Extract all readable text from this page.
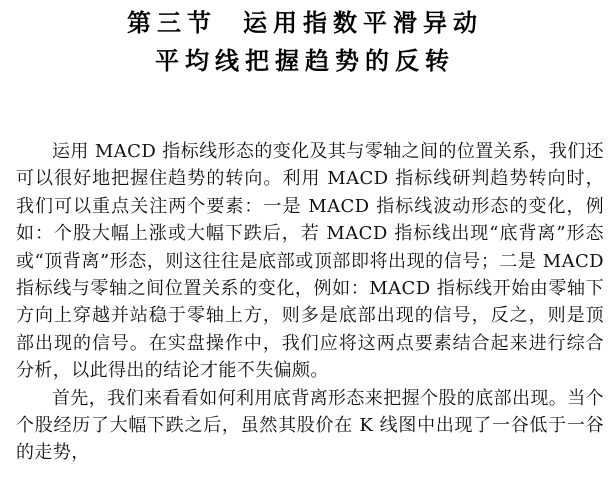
第三节 运用指数平滑异动
平均线把握趋势的反转

运用 MACD 指标线形态的变化及其与零轴之间的位置关系，我们还可以很好地把握住趋势的转向。利用 MACD 指标线研判趋势转向时，我们可以重点关注两个要素：一是 MACD 指标线波动形态的变化，例如：个股大幅上涨或大幅下跌后，若 MACD 指标线出现“底背离”形态或“顶背离”形态，则这往往是底部或顶部即将出现的信号；二是 MACD 指标线与零轴之间位置关系的变化，例如：MACD 指标线开始由零轴下方向上穿越并站稳于零轴上方，则多是底部出现的信号，反之，则是顶部出现的信号。在实盘操作中，我们应将这两点要素结合起来进行综合分析，以此得出的结论才能不失偏颇。

首先，我们来看看如何利用底背离形态来把握个股的底部出现。当个个股经历了大幅下跌之后，虽然其股价在 K 线图中出现了一谷低于一谷的走势，
